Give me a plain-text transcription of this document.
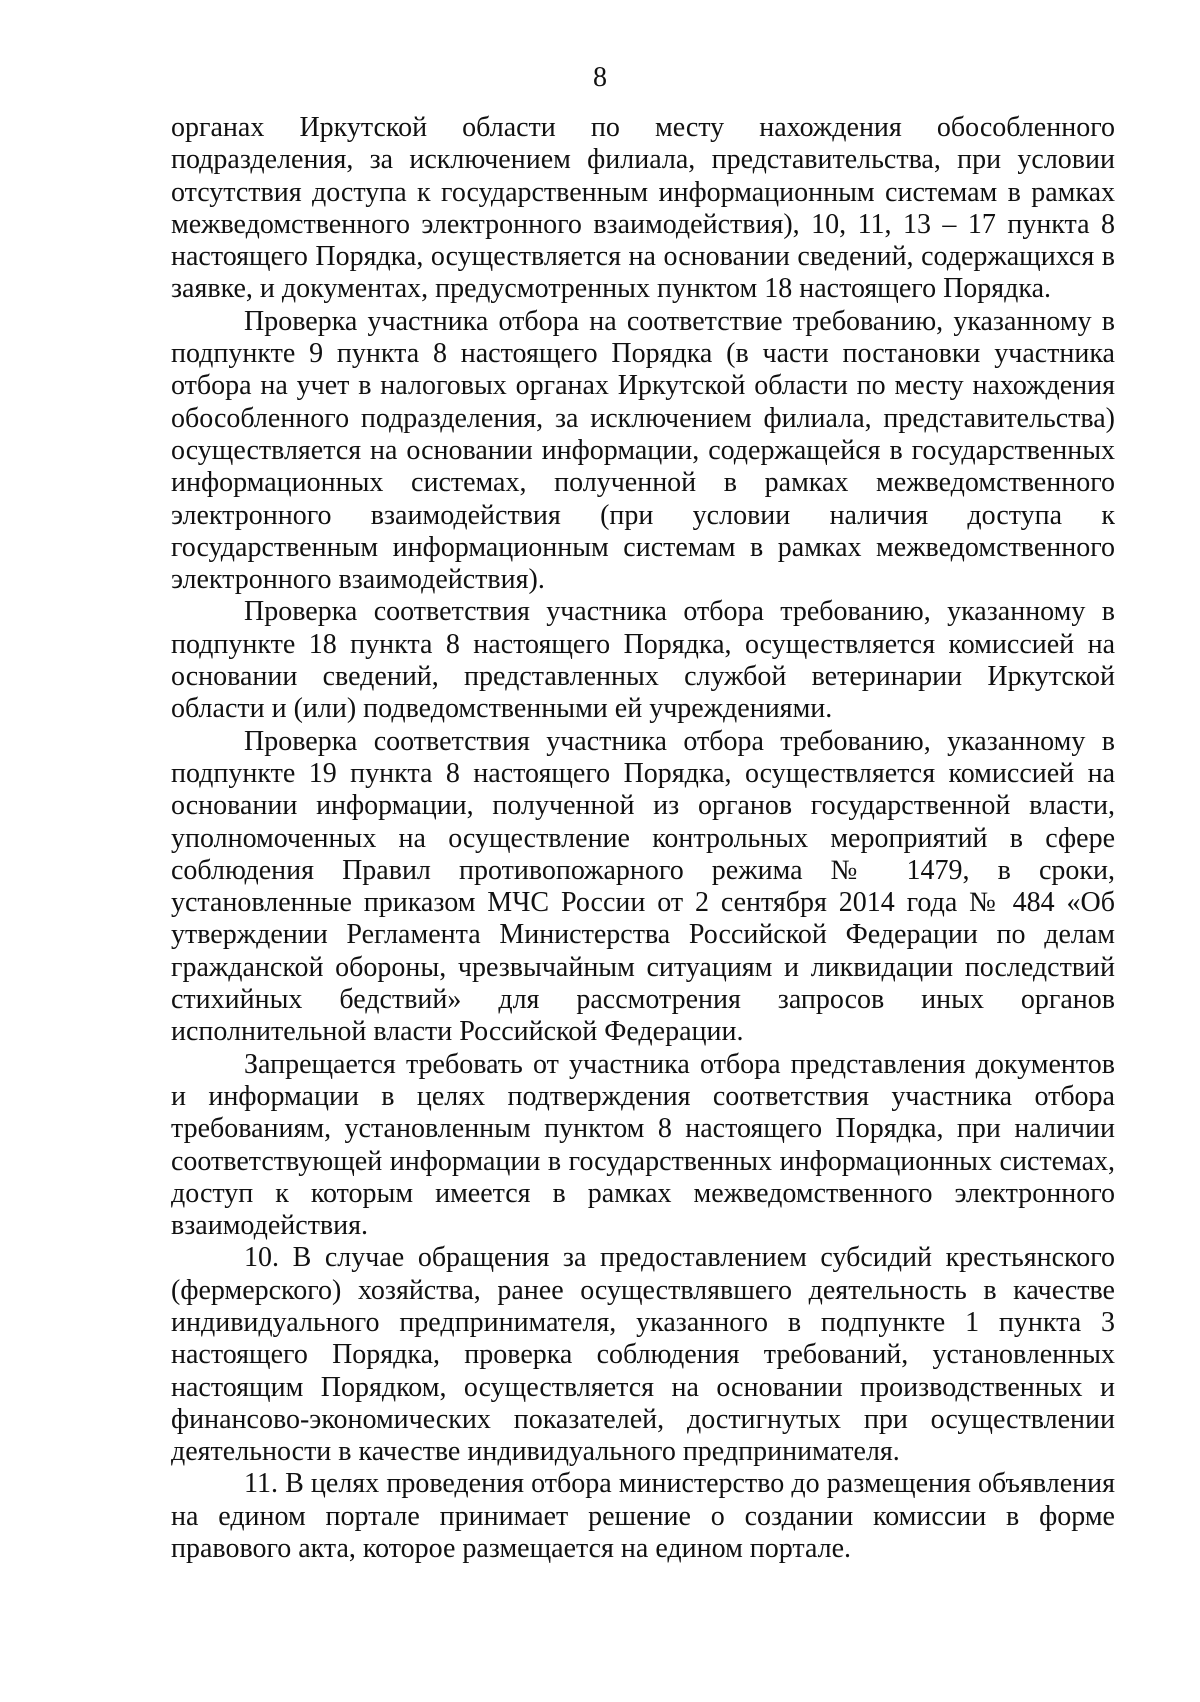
8

органах Иркутской области по месту нахождения обособленного подразделения, за исключением филиала, представительства, при условии отсутствия доступа к государственным информационным системам в рамках межведомственного электронного взаимодействия), 10, 11, 13 – 17 пункта 8 настоящего Порядка, осуществляется на основании сведений, содержащихся в заявке, и документах, предусмотренных пунктом 18 настоящего Порядка.

Проверка участника отбора на соответствие требованию, указанному в подпункте 9 пункта 8 настоящего Порядка (в части постановки участника отбора на учет в налоговых органах Иркутской области по месту нахождения обособленного подразделения, за исключением филиала, представительства) осуществляется на основании информации, содержащейся в государственных информационных системах, полученной в рамках межведомственного электронного взаимодействия (при условии наличия доступа к государственным информационным системам в рамках межведомственного электронного взаимодействия).

Проверка соответствия участника отбора требованию, указанному в подпункте 18 пункта 8 настоящего Порядка, осуществляется комиссией на основании сведений, представленных службой ветеринарии Иркутской области и (или) подведомственными ей учреждениями.

Проверка соответствия участника отбора требованию, указанному в подпункте 19 пункта 8 настоящего Порядка, осуществляется комиссией на основании информации, полученной из органов государственной власти, уполномоченных на осуществление контрольных мероприятий в сфере соблюдения Правил противопожарного режима № 1479, в сроки, установленные приказом МЧС России от 2 сентября 2014 года № 484 «Об утверждении Регламента Министерства Российской Федерации по делам гражданской обороны, чрезвычайным ситуациям и ликвидации последствий стихийных бедствий» для рассмотрения запросов иных органов исполнительной власти Российской Федерации.

Запрещается требовать от участника отбора представления документов и информации в целях подтверждения соответствия участника отбора требованиям, установленным пунктом 8 настоящего Порядка, при наличии соответствующей информации в государственных информационных системах, доступ к которым имеется в рамках межведомственного электронного взаимодействия.

10. В случае обращения за предоставлением субсидий крестьянского (фермерского) хозяйства, ранее осуществлявшего деятельность в качестве индивидуального предпринимателя, указанного в подпункте 1 пункта 3 настоящего Порядка, проверка соблюдения требований, установленных настоящим Порядком, осуществляется на основании производственных и финансово-экономических показателей, достигнутых при осуществлении деятельности в качестве индивидуального предпринимателя.

11. В целях проведения отбора министерство до размещения объявления на едином портале принимает решение о создании комиссии в форме правового акта, которое размещается на едином портале.
